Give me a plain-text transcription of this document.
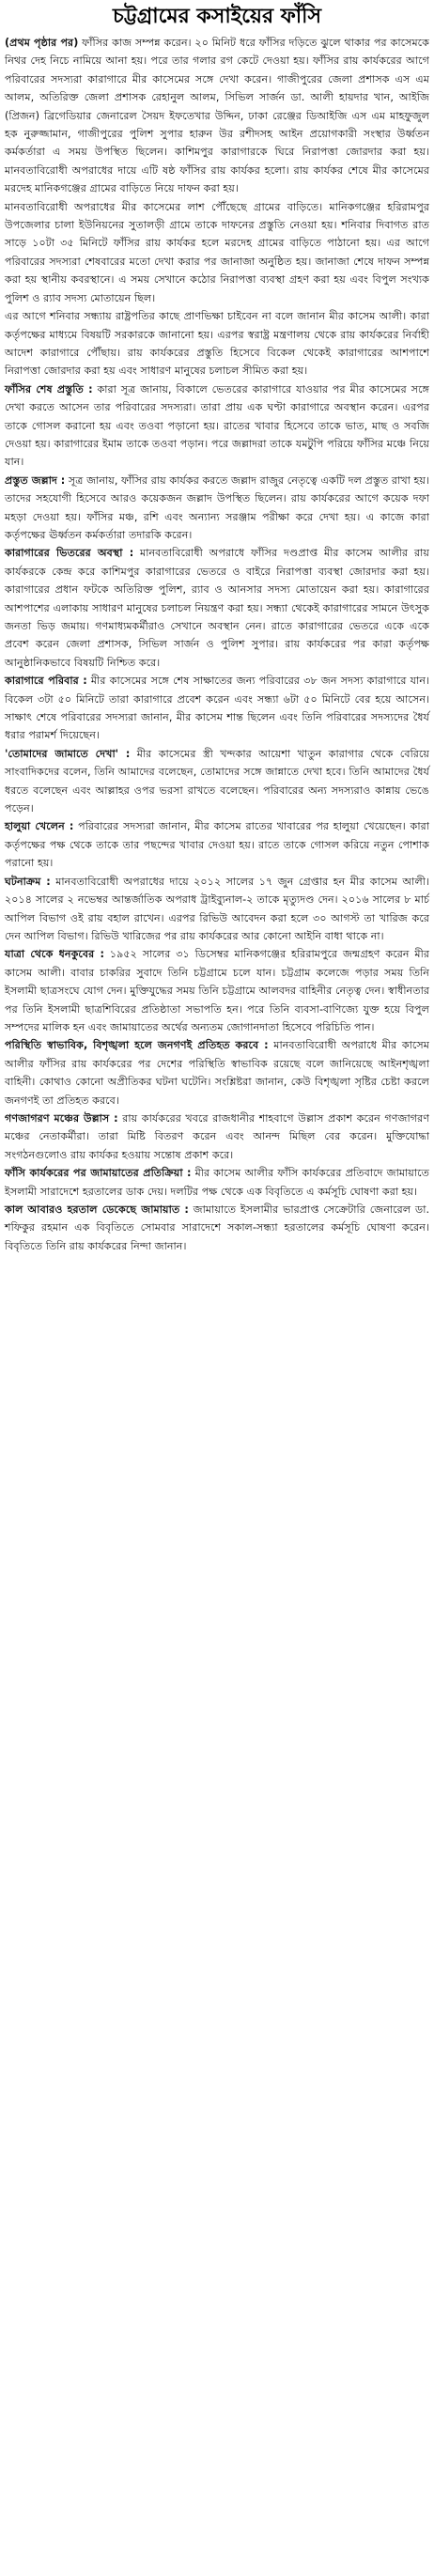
চট্টগ্রামের কসাইয়ের ফাঁসি

(প্রথম পৃষ্ঠার পর) ফাঁসির কাজ সম্পন্ন করেন। ২০ মিনিট ধরে ফাঁসির দড়িতে ঝুলে থাকার পর কাসেমকে নিথর দেহ নিচে নামিয়ে আনা হয়। পরে তার গলার রগ কেটে দেওয়া হয়। ফাঁসির রায় কার্যকরের আগে পরিবারের সদস্যরা কারাগারে মীর কাসেমের সঙ্গে দেখা করেন। গাজীপুরের জেলা প্রশাসক এস এম আলম, অতিরিক্ত জেলা প্রশাসক রেহানুল আলম, সিভিল সার্জন ডা. আলী হায়দার খান, আইজি (প্রিজন) ব্রিগেডিয়ার জেনারেল সৈয়দ ইফতেখার উদ্দিন, ঢাকা রেঞ্জের ডিআইজি এস এম মাহফুজুল হক নুরুজ্জামান, গাজীপুরের পুলিশ সুপার হারুন উর রশীদসহ আইন প্রয়োগকারী সংস্থার উর্ধ্বতন কর্মকর্তারা এ সময় উপস্থিত ছিলেন। কাশিমপুর কারাগারকে ঘিরে নিরাপত্তা জোরদার করা হয়। মানবতাবিরোধী অপরাধের দায়ে এটি ষষ্ঠ ফাঁসির রায় কার্যকর হলো। রায় কার্যকর শেষে মীর কাসেমের মরদেহ মানিকগঞ্জের গ্রামের বাড়িতে নিয়ে দাফন করা হয়।

মানবতাবিরোধী অপরাধের মীর কাসেমের লাশ পৌঁছেছে গ্রামের বাড়িতে। মানিকগঞ্জের হরিরামপুর উপজেলার চালা ইউনিয়নের সুতালড়ী গ্রামে তাকে দাফনের প্রস্তুতি নেওয়া হয়। শনিবার দিবাগত রাত সাড়ে ১০টা ৩৫ মিনিটে ফাঁসির রায় কার্যকর হলে মরদেহ গ্রামের বাড়িতে পাঠানো হয়। এর আগে পরিবারের সদস্যরা শেষবারের মতো দেখা করার পর জানাজা অনুষ্ঠিত হয়। জানাজা শেষে দাফন সম্পন্ন করা হয় স্থানীয় কবরস্থানে। এ সময় সেখানে কঠোর নিরাপত্তা ব্যবস্থা গ্রহণ করা হয় এবং বিপুল সংখ্যক পুলিশ ও র‍্যাব সদস্য মোতায়েন ছিল।

এর আগে শনিবার সন্ধ্যায় রাষ্ট্রপতির কাছে প্রাণভিক্ষা চাইবেন না বলে জানান মীর কাসেম আলী। কারা কর্তৃপক্ষের মাধ্যমে বিষয়টি সরকারকে জানানো হয়। এরপর স্বরাষ্ট্র মন্ত্রণালয় থেকে রায় কার্যকরের নির্বাহী আদেশ কারাগারে পৌঁছায়। রায় কার্যকরের প্রস্তুতি হিসেবে বিকেল থেকেই কারাগারের আশপাশে নিরাপত্তা জোরদার করা হয় এবং সাধারণ মানুষের চলাচল সীমিত করা হয়।

ফাঁসির শেষ প্রস্তুতি : কারা সূত্র জানায়, বিকালে ভেতরের কারাগারে যাওয়ার পর মীর কাসেমের সঙ্গে দেখা করতে আসেন তার পরিবারের সদস্যরা। তারা প্রায় এক ঘণ্টা কারাগারে অবস্থান করেন। এরপর তাকে গোসল করানো হয় এবং তওবা পড়ানো হয়। রাতের খাবার হিসেবে তাকে ভাত, মাছ ও সবজি দেওয়া হয়। কারাগারের ইমাম তাকে তওবা পড়ান। পরে জল্লাদরা তাকে যমটুপি পরিয়ে ফাঁসির মঞ্চে নিয়ে যান।

প্রস্তুত জল্লাদ : সূত্র জানায়, ফাঁসির রায় কার্যকর করতে জল্লাদ রাজুর নেতৃত্বে একটি দল প্রস্তুত রাখা হয়। তাদের সহযোগী হিসেবে আরও কয়েকজন জল্লাদ উপস্থিত ছিলেন। রায় কার্যকরের আগে কয়েক দফা মহড়া দেওয়া হয়। ফাঁসির মঞ্চ, রশি এবং অন্যান্য সরঞ্জাম পরীক্ষা করে দেখা হয়। এ কাজে কারা কর্তৃপক্ষের ঊর্ধ্বতন কর্মকর্তারা তদারকি করেন।

কারাগারের ভিতরের অবস্থা : মানবতাবিরোধী অপরাধে ফাঁসির দণ্ডপ্রাপ্ত মীর কাসেম আলীর রায় কার্যকরকে কেন্দ্র করে কাশিমপুর কারাগারের ভেতরে ও বাইরে নিরাপত্তা ব্যবস্থা জোরদার করা হয়। কারাগারের প্রধান ফটকে অতিরিক্ত পুলিশ, র‍্যাব ও আনসার সদস্য মোতায়েন করা হয়। কারাগারের আশপাশের এলাকায় সাধারণ মানুষের চলাচল নিয়ন্ত্রণ করা হয়। সন্ধ্যা থেকেই কারাগারের সামনে উৎসুক জনতা ভিড় জমায়। গণমাধ্যমকর্মীরাও সেখানে অবস্থান নেন। রাতে কারাগারের ভেতরে একে একে প্রবেশ করেন জেলা প্রশাসক, সিভিল সার্জন ও পুলিশ সুপার। রায় কার্যকরের পর কারা কর্তৃপক্ষ আনুষ্ঠানিকভাবে বিষয়টি নিশ্চিত করে।

কারাগারে পরিবার : মীর কাসেমের সঙ্গে শেষ সাক্ষাতের জন্য পরিবারের ৩৮ জন সদস্য কারাগারে যান। বিকেল ৩টা ৫০ মিনিটে তারা কারাগারে প্রবেশ করেন এবং সন্ধ্যা ৬টা ৫০ মিনিটে বের হয়ে আসেন। সাক্ষাৎ শেষে পরিবারের সদস্যরা জানান, মীর কাসেম শান্ত ছিলেন এবং তিনি পরিবারের সদস্যদের ধৈর্য ধরার পরামর্শ দিয়েছেন।

'তোমাদের জামাতে দেখা' : মীর কাসেমের স্ত্রী খন্দকার আয়েশা খাতুন কারাগার থেকে বেরিয়ে সাংবাদিকদের বলেন, তিনি আমাদের বলেছেন, তোমাদের সঙ্গে জান্নাতে দেখা হবে। তিনি আমাদের ধৈর্য ধরতে বলেছেন এবং আল্লাহর ওপর ভরসা রাখতে বলেছেন। পরিবারের অন্য সদস্যরাও কান্নায় ভেঙে পড়েন।

হালুয়া খেলেন : পরিবারের সদস্যরা জানান, মীর কাসেম রাতের খাবারের পর হালুয়া খেয়েছেন। কারা কর্তৃপক্ষের পক্ষ থেকে তাকে তার পছন্দের খাবার দেওয়া হয়। রাতে তাকে গোসল করিয়ে নতুন পোশাক পরানো হয়।

ঘটনাক্রম : মানবতাবিরোধী অপরাধের দায়ে ২০১২ সালের ১৭ জুন গ্রেপ্তার হন মীর কাসেম আলী। ২০১৪ সালের ২ নভেম্বর আন্তর্জাতিক অপরাধ ট্রাইব্যুনাল-২ তাকে মৃত্যুদণ্ড দেন। ২০১৬ সালের ৮ মার্চ আপিল বিভাগ ওই রায় বহাল রাখেন। এরপর রিভিউ আবেদন করা হলে ৩০ আগস্ট তা খারিজ করে দেন আপিল বিভাগ। রিভিউ খারিজের পর রায় কার্যকরের আর কোনো আইনি বাধা থাকে না।

যাত্রা থেকে ধনকুবের : ১৯৫২ সালের ৩১ ডিসেম্বর মানিকগঞ্জের হরিরামপুরে জন্মগ্রহণ করেন মীর কাসেম আলী। বাবার চাকরির সুবাদে তিনি চট্টগ্রামে চলে যান। চট্টগ্রাম কলেজে পড়ার সময় তিনি ইসলামী ছাত্রসংঘে যোগ দেন। মুক্তিযুদ্ধের সময় তিনি চট্টগ্রামে আলবদর বাহিনীর নেতৃত্ব দেন। স্বাধীনতার পর তিনি ইসলামী ছাত্রশিবিরের প্রতিষ্ঠাতা সভাপতি হন। পরে তিনি ব্যবসা-বাণিজ্যে যুক্ত হয়ে বিপুল সম্পদের মালিক হন এবং জামায়াতের অর্থের অন্যতম জোগানদাতা হিসেবে পরিচিতি পান।

পরিস্থিতি স্বাভাবিক, বিশৃঙ্খলা হলে জনগণই প্রতিহত করবে : মানবতাবিরোধী অপরাধে মীর কাসেম আলীর ফাঁসির রায় কার্যকরের পর দেশের পরিস্থিতি স্বাভাবিক রয়েছে বলে জানিয়েছে আইনশৃঙ্খলা বাহিনী। কোথাও কোনো অপ্রীতিকর ঘটনা ঘটেনি। সংশ্লিষ্টরা জানান, কেউ বিশৃঙ্খলা সৃষ্টির চেষ্টা করলে জনগণই তা প্রতিহত করবে।

গণজাগরণ মঞ্চের উল্লাস : রায় কার্যকরের খবরে রাজধানীর শাহবাগে উল্লাস প্রকাশ করেন গণজাগরণ মঞ্চের নেতাকর্মীরা। তারা মিষ্টি বিতরণ করেন এবং আনন্দ মিছিল বের করেন। মুক্তিযোদ্ধা সংগঠনগুলোও রায় কার্যকর হওয়ায় সন্তোষ প্রকাশ করে।

ফাঁসি কার্যকরের পর জামায়াতের প্রতিক্রিয়া : মীর কাসেম আলীর ফাঁসি কার্যকরের প্রতিবাদে জামায়াতে ইসলামী সারাদেশে হরতালের ডাক দেয়। দলটির পক্ষ থেকে এক বিবৃতিতে এ কর্মসূচি ঘোষণা করা হয়।

কাল আবারও হরতাল ডেকেছে জামায়াত : জামায়াতে ইসলামীর ভারপ্রাপ্ত সেক্রেটারি জেনারেল ডা. শফিকুর রহমান এক বিবৃতিতে সোমবার সারাদেশে সকাল-সন্ধ্যা হরতালের কর্মসূচি ঘোষণা করেন। বিবৃতিতে তিনি রায় কার্যকরের নিন্দা জানান।
